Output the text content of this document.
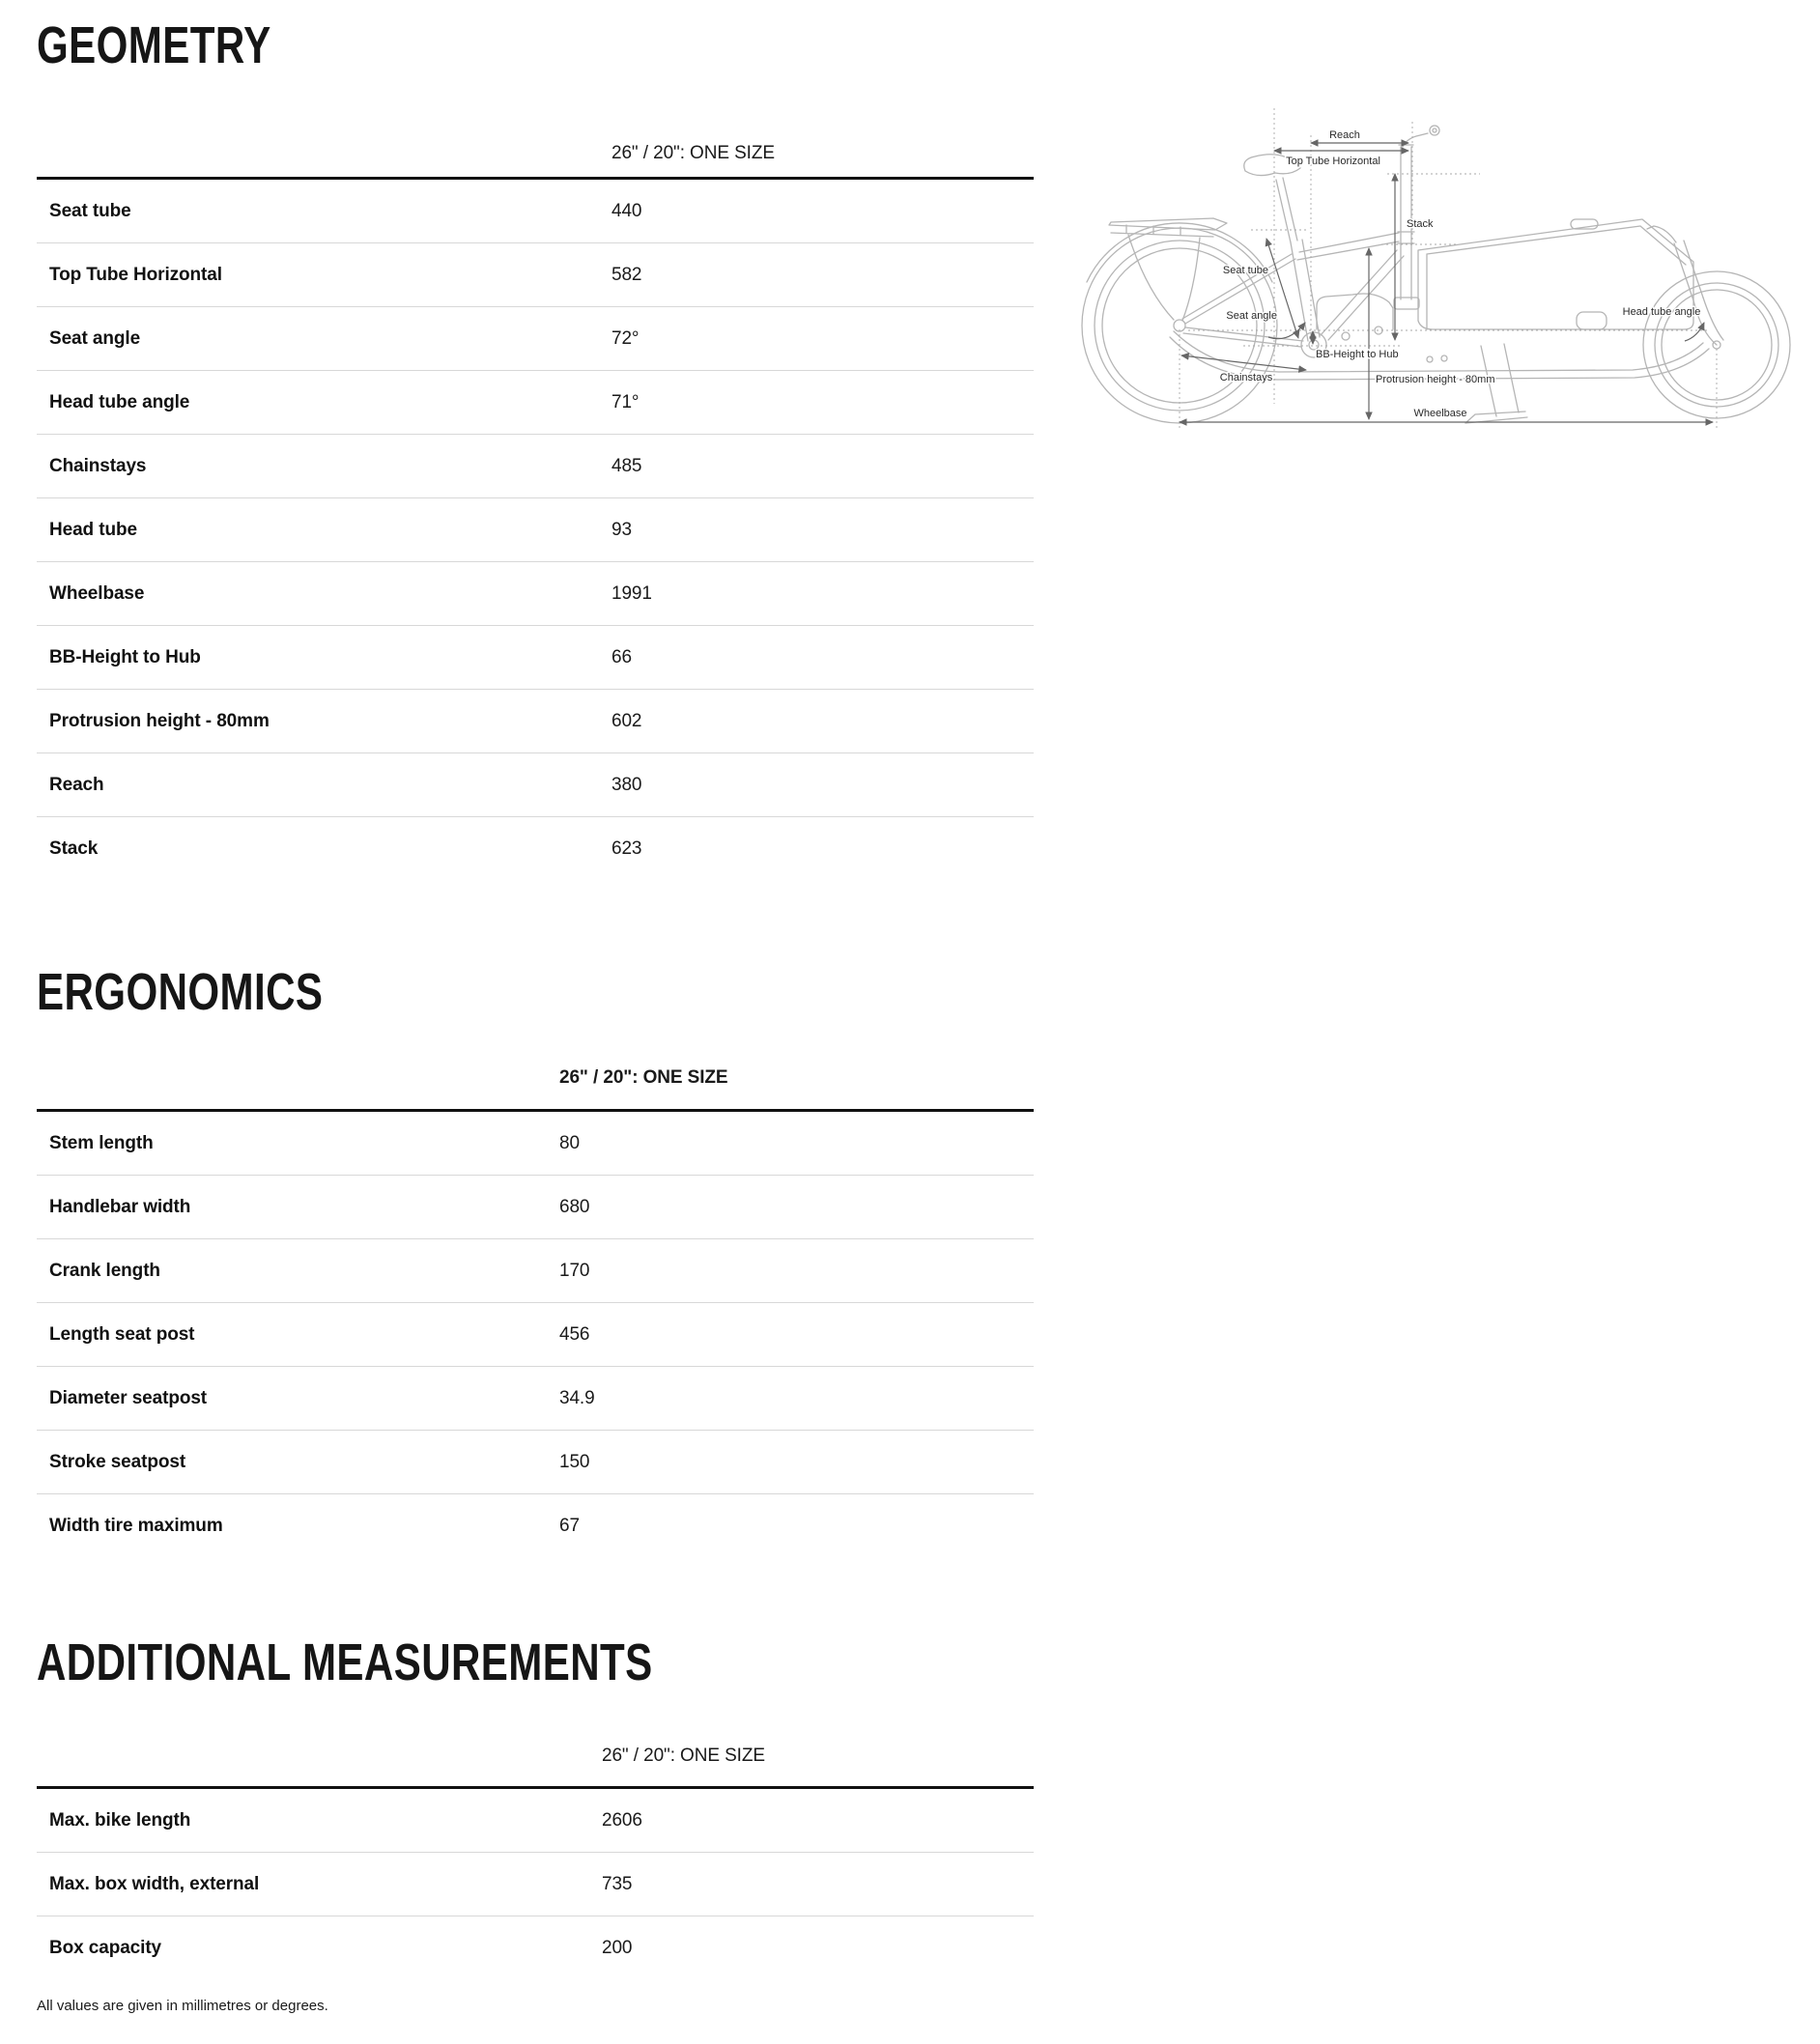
GEOMETRY
26" / 20": ONE SIZE
Seat tube	440
Top Tube Horizontal	582
Seat angle	72°
Head tube angle	71°
Chainstays	485
Head tube	93
Wheelbase	1991
BB-Height to Hub	66
Protrusion height - 80mm	602
Reach	380
Stack	623
Reach
Top Tube Horizontal
Stack
Seat tube
Seat angle	Head tube angle
BB-Height to Hub
Chainstays	Protrusion height - 80mm
Wheelbase
ERGONOMICS
26" / 20": ONE SIZE
Stem length	80
Handlebar width	680
Crank length	170
Length seat post	456
Diameter seatpost	34.9
Stroke seatpost	150
Width tire maximum	67
ADDITIONAL MEASUREMENTS
26" / 20": ONE SIZE
Max. bike length	2606
Max. box width, external	735
Box capacity	200
All values are given in millimetres or degrees.
